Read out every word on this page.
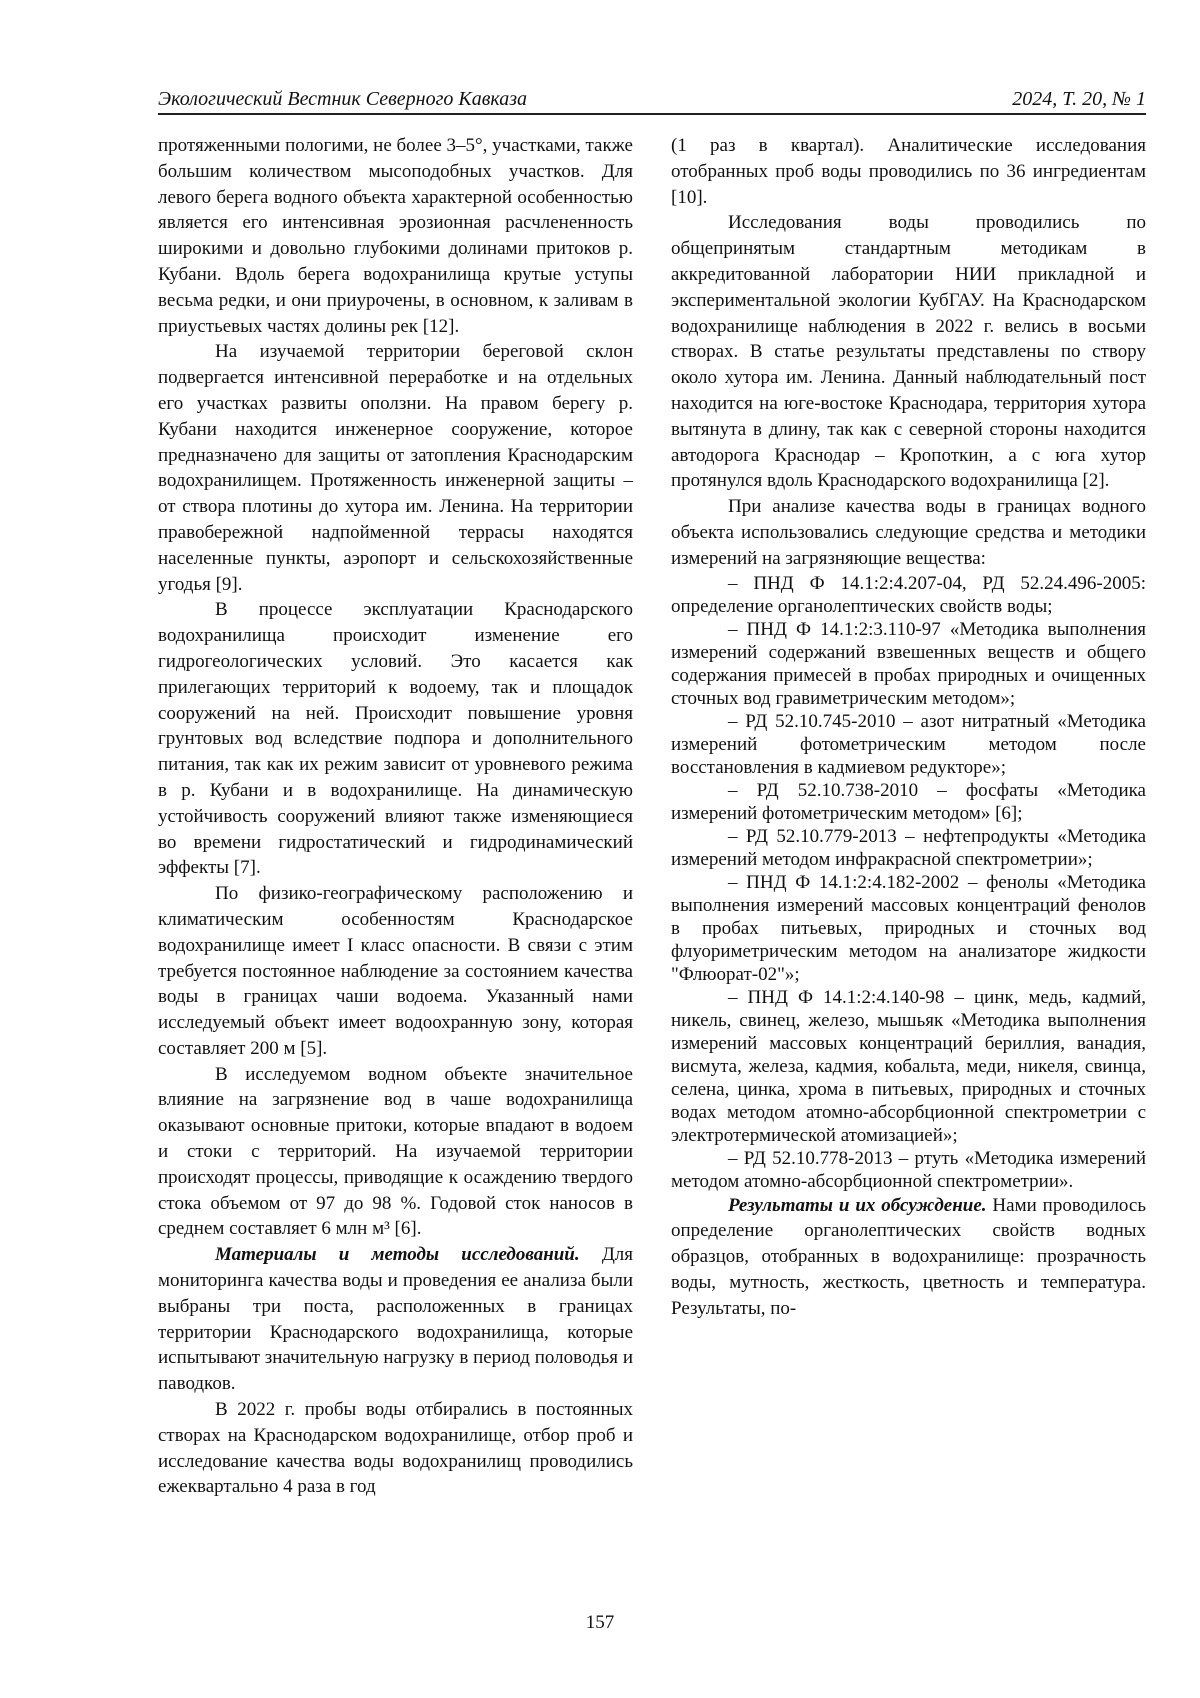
Экологический Вестник Северного Кавказа	2024, Т. 20, № 1

протяженными пологими, не более 3–5°, участками, также большим количеством мысоподобных участков. Для левого берега водного объекта характерной особенностью является его интенсивная эрозионная расчлененность широкими и довольно глубокими долинами притоков р. Кубани. Вдоль берега водохранилища крутые уступы весьма редки, и они приурочены, в основном, к заливам в приустьевых частях долины рек [12].

На изучаемой территории береговой склон подвергается интенсивной переработке и на отдельных его участках развиты оползни. На правом берегу р. Кубани находится инженерное сооружение, которое предназначено для защиты от затопления Краснодарским водохранилищем. Протяженность инженерной защиты – от створа плотины до хутора им. Ленина. На территории правобережной надпойменной террасы находятся населенные пункты, аэропорт и сельскохозяйственные угодья [9].

В процессе эксплуатации Краснодарского водохранилища происходит изменение его гидрогеологических условий. Это касается как прилегающих территорий к водоему, так и площадок сооружений на ней. Происходит повышение уровня грунтовых вод вследствие подпора и дополнительного питания, так как их режим зависит от уровневого режима в р. Кубани и в водохранилище. На динамическую устойчивость сооружений влияют также изменяющиеся во времени гидростатический и гидродинамический эффекты [7].

По физико-географическому расположению и климатическим особенностям Краснодарское водохранилище имеет I класс опасности. В связи с этим требуется постоянное наблюдение за состоянием качества воды в границах чаши водоема. Указанный нами исследуемый объект имеет водоохранную зону, которая составляет 200 м [5].

В исследуемом водном объекте значительное влияние на загрязнение вод в чаше водохранилища оказывают основные притоки, которые впадают в водоем и стоки с территорий. На изучаемой территории происходят процессы, приводящие к осаждению твердого стока объемом от 97 до 98 %. Годовой сток наносов в среднем составляет 6 млн м³ [6].

Материалы и методы исследований. Для мониторинга качества воды и проведения ее анализа были выбраны три поста, расположенных в границах территории Краснодарского водохранилища, которые испытывают значительную нагрузку в период половодья и паводков.

В 2022 г. пробы воды отбирались в постоянных створах на Краснодарском водохранилище, отбор проб и исследование качества воды водохранилищ проводились ежеквартально 4 раза в год

(1 раз в квартал). Аналитические исследования отобранных проб воды проводились по 36 ингредиентам [10].

Исследования воды проводились по общепринятым стандартным методикам в аккредитованной лаборатории НИИ прикладной и экспериментальной экологии КубГАУ. На Краснодарском водохранилище наблюдения в 2022 г. велись в восьми створах. В статье результаты представлены по створу около хутора им. Ленина. Данный наблюдательный пост находится на юге-востоке Краснодара, территория хутора вытянута в длину, так как с северной стороны находится автодорога Краснодар – Кропоткин, а с юга хутор протянулся вдоль Краснодарского водохранилища [2].

При анализе качества воды в границах водного объекта использовались следующие средства и методики измерений на загрязняющие вещества:

– ПНД Ф 14.1:2:4.207-04, РД 52.24.496-2005: определение органолептических свойств воды;

– ПНД Ф 14.1:2:3.110-97 «Методика выполнения измерений содержаний взвешенных веществ и общего содержания примесей в пробах природных и очищенных сточных вод гравиметрическим методом»;

– РД 52.10.745-2010 – азот нитратный «Методика измерений фотометрическим методом после восстановления в кадмиевом редукторе»;

– РД 52.10.738-2010 – фосфаты «Методика измерений фотометрическим методом» [6];

– РД 52.10.779-2013 – нефтепродукты «Методика измерений методом инфракрасной спектрометрии»;

– ПНД Ф 14.1:2:4.182-2002 – фенолы «Методика выполнения измерений массовых концентраций фенолов в пробах питьевых, природных и сточных вод флуориметрическим методом на анализаторе жидкости "Флюорат-02"»;

– ПНД Ф 14.1:2:4.140-98 – цинк, медь, кадмий, никель, свинец, железо, мышьяк «Методика выполнения измерений массовых концентраций бериллия, ванадия, висмута, железа, кадмия, кобальта, меди, никеля, свинца, селена, цинка, хрома в питьевых, природных и сточных водах методом атомно-абсорбционной спектрометрии с электротермической атомизацией»;

– РД 52.10.778-2013 – ртуть «Методика измерений методом атомно-абсорбционной спектрометрии».

Результаты и их обсуждение. Нами проводилось определение органолептических свойств водных образцов, отобранных в водохранилище: прозрачность воды, мутность, жесткость, цветность и температура. Результаты, по-

157
